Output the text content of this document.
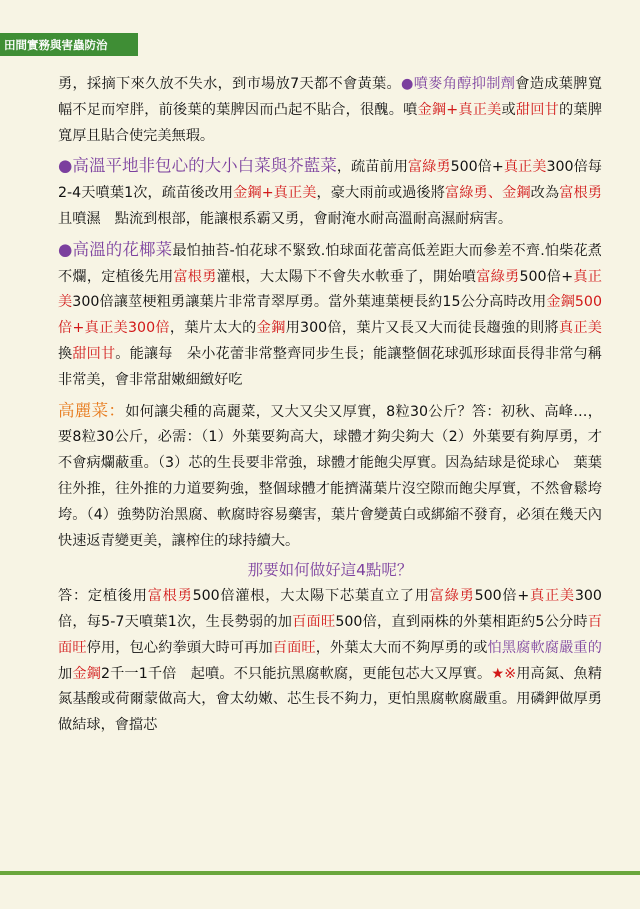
田間實務與害蟲防治

勇，採摘下來久放不失水，到市場放7天都不會黃葉。●噴麥角醇抑制劑會造成葉脾寬幅不足而窄胖，前後葉的葉脾因而凸起不貼合，很醜。噴金鋼+真正美或甜回甘的葉脾寬厚且貼合使完美無瑕。

●高溫平地非包心的大小白菜與芥藍菜，疏苗前用富綠勇500倍+真正美300倍每2-4天噴葉1次，疏苗後改用金鋼+真正美，豪大雨前或過後將富綠勇、金鋼改為富根勇且噴濕　點流到根部，能讓根系霸又勇，會耐淹水耐高溫耐高濕耐病害。

●高溫的花椰菜最怕抽苔-怕花球不緊致.怕球面花蕾高低差距大而參差不齊.怕柴花煮不爛，定植後先用富根勇灌根，大太陽下不會失水軟垂了，開始噴富綠勇500倍+真正美300倍讓莖梗粗勇讓葉片非常青翠厚勇。當外葉連葉梗長約15公分高時改用金鋼500倍+真正美300倍，葉片太大的金鋼用300倍，葉片又長又大而徒長趨強的則將真正美換甜回甘。能讓每　朵小花蕾非常整齊同步生長；能讓整個花球弧形球面長得非常勻稱非常美，會非常甜嫩細緻好吃

高麗菜：如何讓尖種的高麗菜，又大又尖又厚實，8粒30公斤？答：初秋、高峰…，要8粒30公斤，必需：（1）外葉要夠高大，球體才夠尖夠大（2）外葉要有夠厚勇，才不會病爛蔽重。（3）芯的生長要非常強，球體才能飽尖厚實。因為結球是從球心　葉葉往外推，往外推的力道要夠強，整個球體才能擠滿葉片沒空隙而飽尖厚實，不然會鬆垮垮。（4）強勢防治黑腐、軟腐時容易藥害，葉片會變黃白或綁縮不發育，必須在幾天內快速返青變更美，讓榨住的球持續大。

那要如何做好這4點呢？

答：定植後用富根勇500倍灌根，大太陽下芯葉直立了用富綠勇500倍+真正美300倍，每5-7天噴葉1次，生長勢弱的加百面旺500倍，直到兩株的外葉相距約5公分時百面旺停用，包心約拳頭大時可再加百面旺，外葉太大而不夠厚勇的或怕黑腐軟腐嚴重的加金鋼2千一1千倍　起噴。不只能抗黑腐軟腐，更能包芯大又厚實。★※用高氮、魚精氮基酸或荷爾蒙做高大，會太幼嫩、芯生長不夠力，更怕黑腐軟腐嚴重。用磷鉀做厚勇做結球，會擋芯
